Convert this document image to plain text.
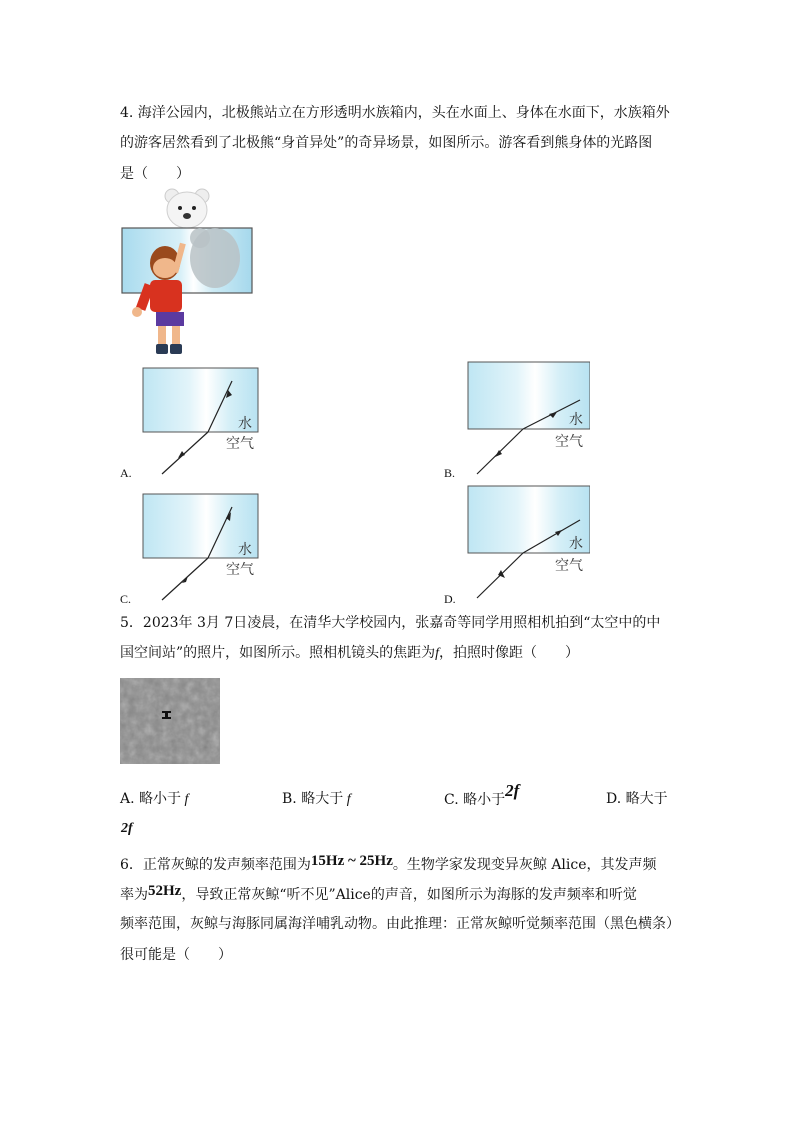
4. 海洋公园内，北极熊站立在方形透明水族箱内，头在水面上、身体在水面下，水族箱外
的游客居然看到了北极熊“身首异处”的奇异场景，如图所示。游客看到熊身体的光路图
是（　　）
水
空气
A.
水
空气
B.
水
空气
C.
水
空气
D.
5．2023年 3月 7日凌晨，在清华大学校园内，张嘉奇等同学用照相机拍到“太空中的中
国空间站”的照片，如图所示。照相机镜头的焦距为f，拍照时像距（　　）
A. 略小于 f	B. 略大于 f	C. 略小于2f	D. 略大于
2f
6．正常灰鲸的发声频率范围为15Hz ~ 25Hz。生物学家发现变异灰鲸 Alice，其发声频
率为52Hz，导致正常灰鲸“听不见”Alice的声音，如图所示为海豚的发声频率和听觉
频率范围，灰鲸与海豚同属海洋哺乳动物。由此推理：正常灰鲸听觉频率范围（黑色横条）
很可能是（　　）
